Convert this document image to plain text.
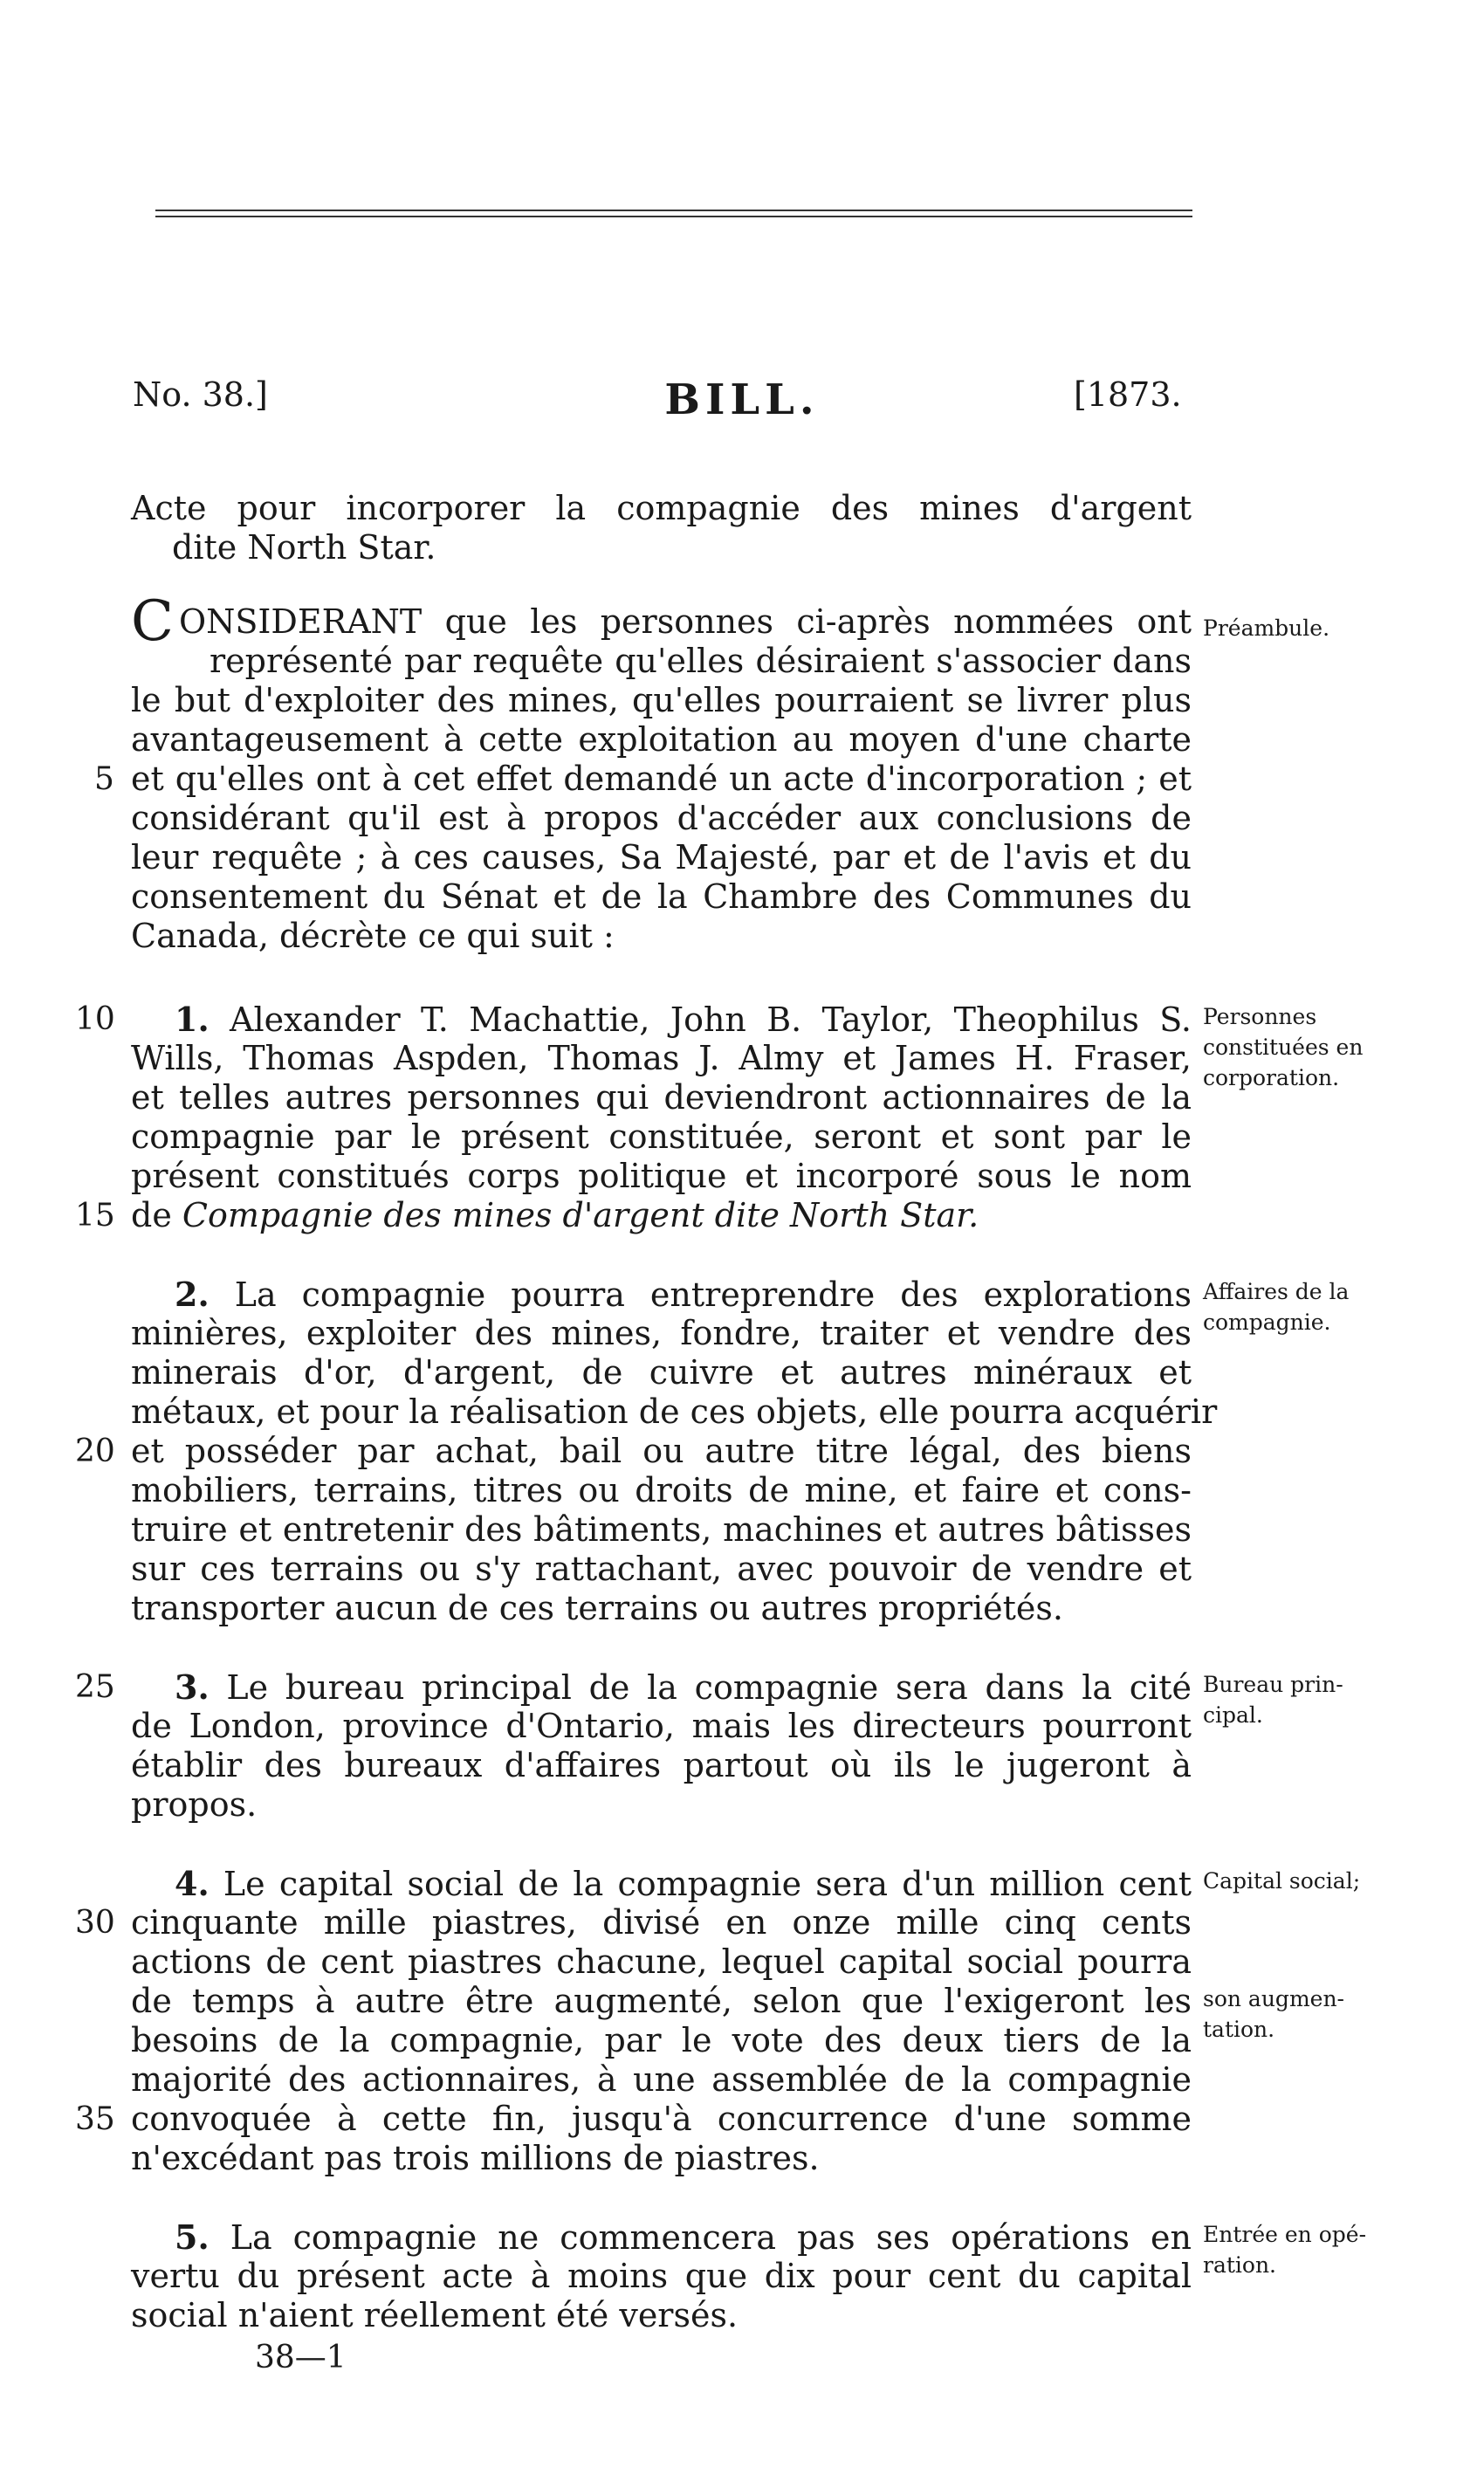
No. 38.]	BILL.	[1873.
Acte pour incorporer la compagnie des mines d'argent
dite North Star.
CONSIDERANT que les personnes ci-après nommées ont
représenté par requête qu'elles désiraient s'associer dans
le but d'exploiter des mines, qu'elles pourraient se livrer plus
avantageusement à cette exploitation au moyen d'une charte
et qu'elles ont à cet effet demandé un acte d'incorporation ; et
considérant qu'il est à propos d'accéder aux conclusions de
leur requête ; à ces causes, Sa Majesté, par et de l'avis et du
consentement du Sénat et de la Chambre des Communes du
Canada, décrète ce qui suit :
Préambule.
1. Alexander T. Machattie, John B. Taylor, Theophilus S.
Wills, Thomas Aspden, Thomas J. Almy et James H. Fraser,
et telles autres personnes qui deviendront actionnaires de la
compagnie par le présent constituée, seront et sont par le
présent constitués corps politique et incorporé sous le nom
de Compagnie des mines d'argent dite North Star.
Personnes
constituées en
corporation.
2. La compagnie pourra entreprendre des explorations
minières, exploiter des mines, fondre, traiter et vendre des
minerais d'or, d'argent, de cuivre et autres minéraux et
métaux, et pour la réalisation de ces objets, elle pourra acquérir
et posséder par achat, bail ou autre titre légal, des biens
mobiliers, terrains, titres ou droits de mine, et faire et cons-
truire et entretenir des bâtiments, machines et autres bâtisses
sur ces terrains ou s'y rattachant, avec pouvoir de vendre et
transporter aucun de ces terrains ou autres propriétés.
Affaires de la
compagnie.
3. Le bureau principal de la compagnie sera dans la cité
de London, province d'Ontario, mais les directeurs pourront
établir des bureaux d'affaires partout où ils le jugeront à
propos.
Bureau prin-
cipal.
4. Le capital social de la compagnie sera d'un million cent
cinquante mille piastres, divisé en onze mille cinq cents
actions de cent piastres chacune, lequel capital social pourra
de temps à autre être augmenté, selon que l'exigeront les
besoins de la compagnie, par le vote des deux tiers de la
majorité des actionnaires, à une assemblée de la compagnie
convoquée à cette fin, jusqu'à concurrence d'une somme
n'excédant pas trois millions de piastres.
Capital social;
son augmen-
tation.
5. La compagnie ne commencera pas ses opérations en
vertu du présent acte à moins que dix pour cent du capital
social n'aient réellement été versés.
Entrée en opé-
ration.
5
10
15
20
25
30
35
38—1
